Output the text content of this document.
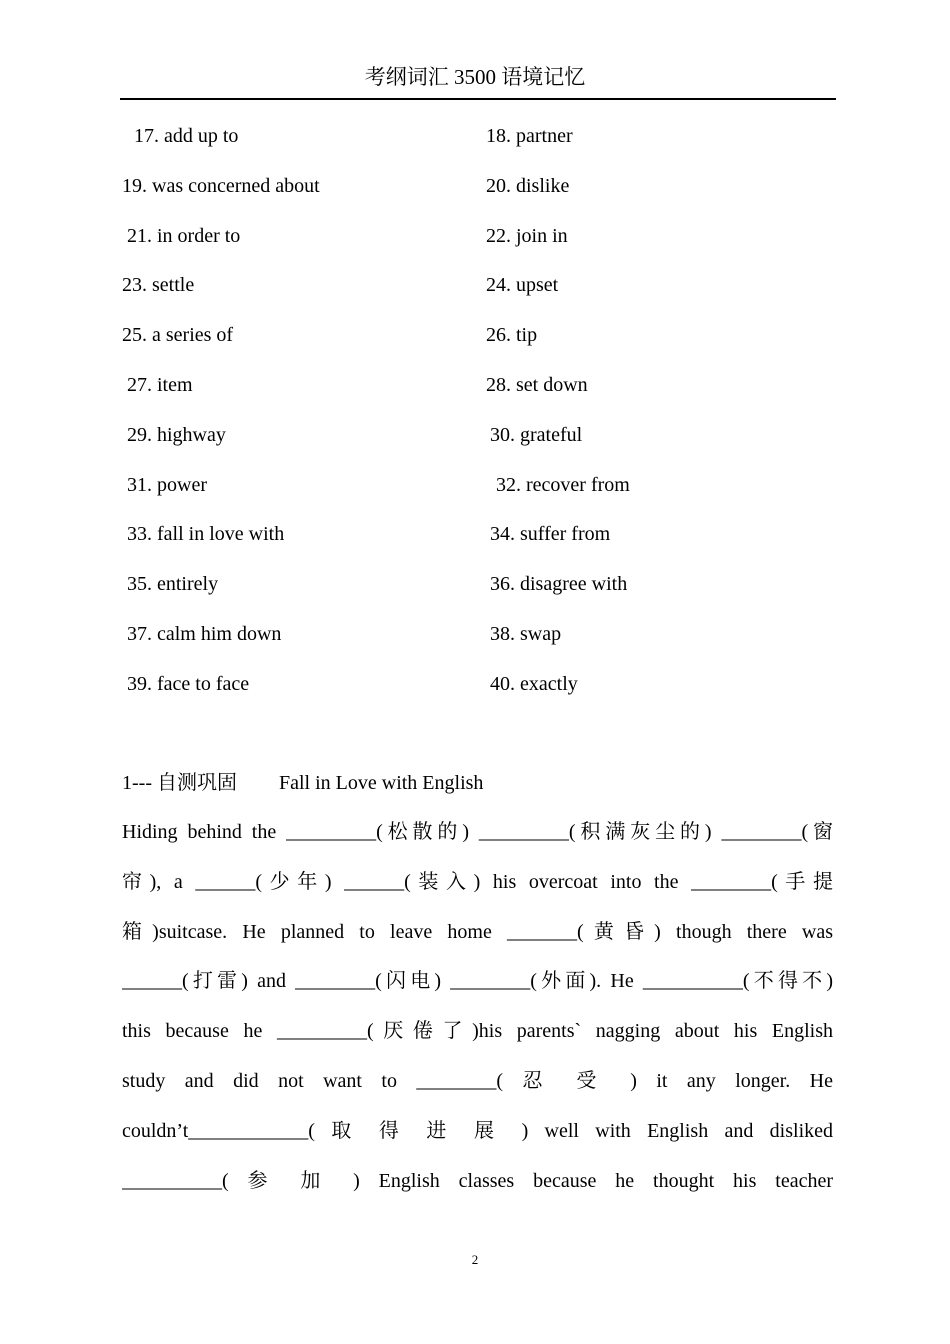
考纲词汇 3500 语境记忆
17. add up to	18. partner
19. was concerned about	20. dislike
21. in order to	22. join in
23. settle	24. upset
25. a series of	26. tip
27. item	28. set down
29. highway	30. grateful
31. power	32. recover from
33. fall in love with	34. suffer from
35. entirely	36. disagree with
37. calm him down	38. swap
39. face to face	40. exactly
1--- 自测巩固 Fall in Love with English
Hiding behind the _________(松散的) _________(积满灰尘的) ________(窗
帘), a ______(少年) ______(装入) his overcoat into the ________(手提
箱)suitcase. He planned to leave home _______(黄昏) though there was
______(打雷) and ________(闪电) ________(外面). He __________(不得不)
this because he _________(厌倦了)his parents` nagging about his English
study and did not want to ________( 忍 受 ) it any longer. He
couldn’t____________( 取 得 进 展 ) well with English and disliked
__________( 参 加 ) English classes because he thought his teacher
2
